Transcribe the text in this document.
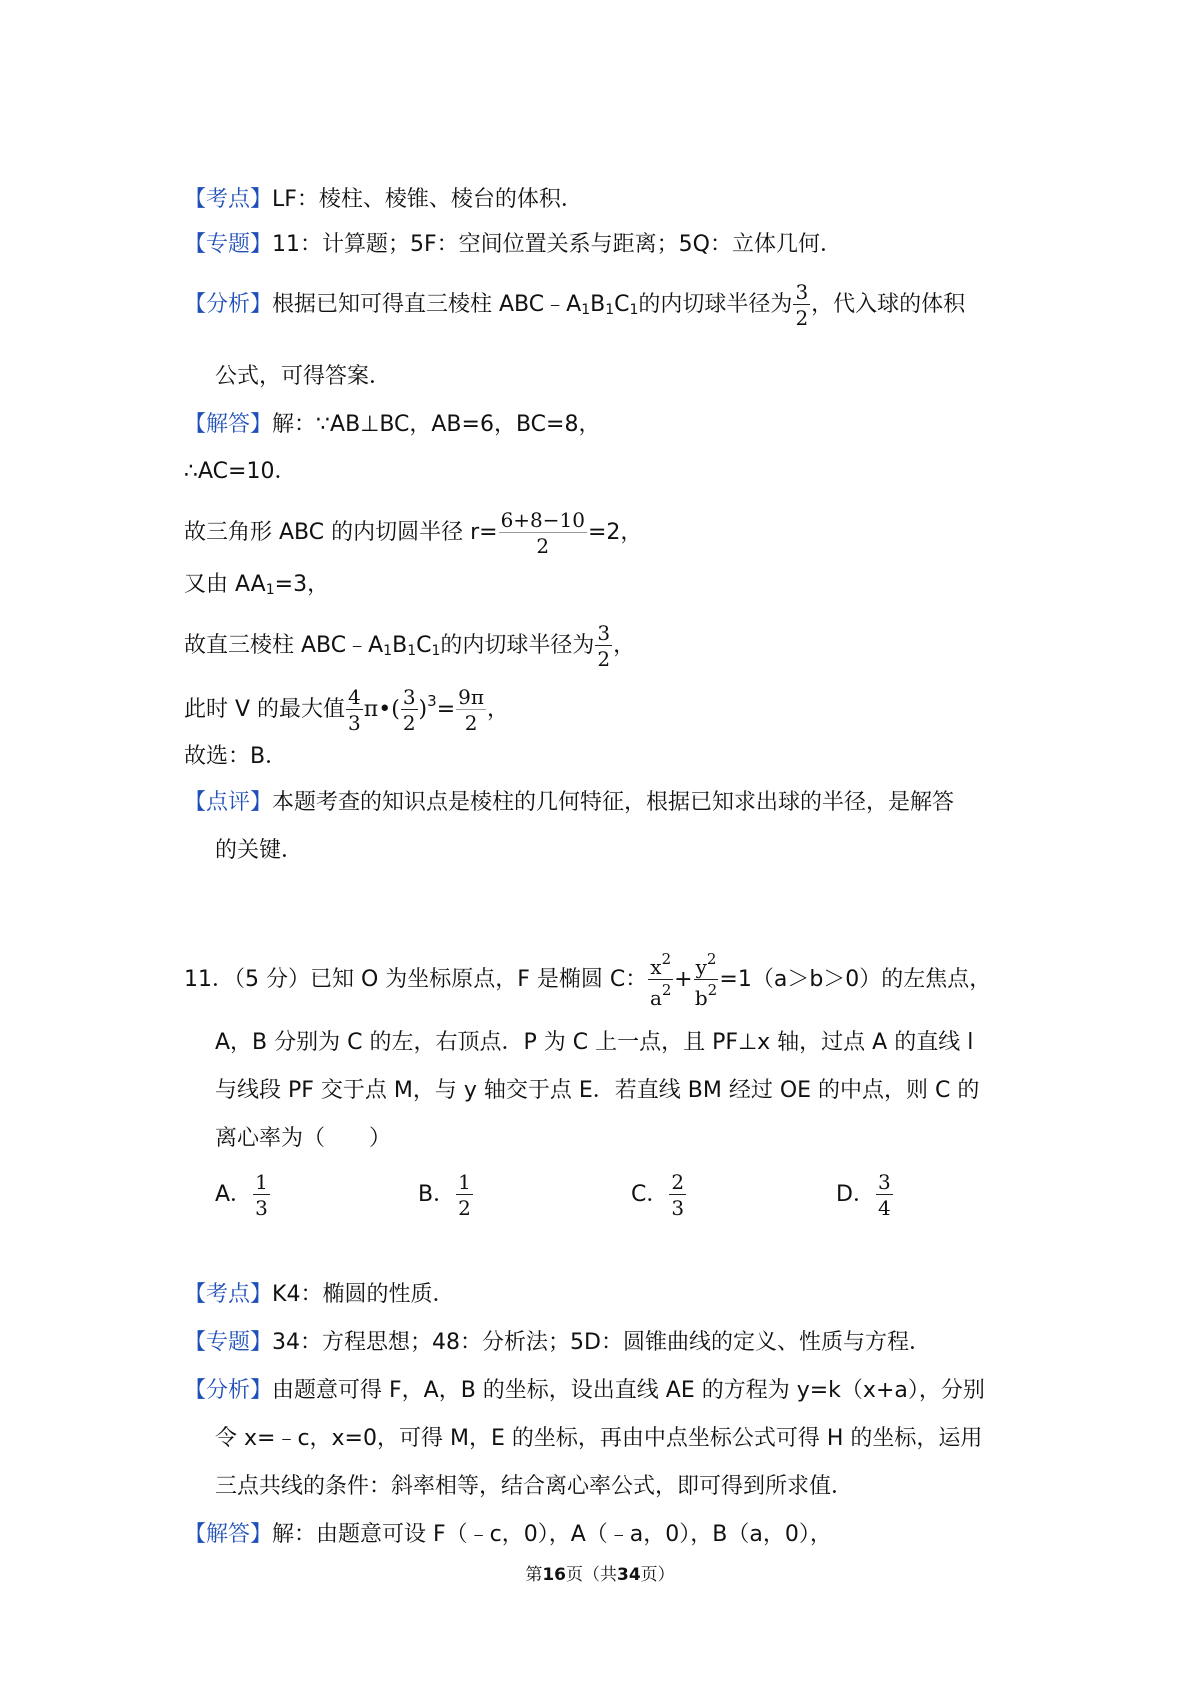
【考点】LF：棱柱、棱锥、棱台的体积．
【专题】11：计算题；5F：空间位置关系与距离；5Q：立体几何．
【分析】根据已知可得直三棱柱 $ABC﹣A_1B_1C_1$的内切球半径为 $\frac{3}{2}$ ，代入球的体积
公式，可得答案．
【解答】解：∵AB⊥BC，AB=6，BC=8，
∴AC=10．
故三角形 ABC 的内切圆半径 $r= \frac{6+8-10}{2} =2$，
又由 $AA_1=3$，
故直三棱柱 $ABC﹣A_1B_1C_1$的内切球半径为 $\frac{3}{2}$ ，
此时 V 的最大值 $\frac{4}{3}$ π•( $\frac{3}{2} )^3= \frac{9\pi}{2}$ ，
故选：B．
【点评】本题考查的知识点是棱柱的几何特征，根据已知求出球的半径，是解答
的关键．
11．（5 分）已知 O 为坐标原点，F 是椭圆 C： $\frac{x^2}{a^2} + \frac{y^2}{b^2} =1(a>b>0)$的左焦点，
A，B 分别为 C 的左，右顶点．P 为 C 上一点，且 PF⊥x 轴，过点 A 的直线 l
与线段 PF 交于点 M，与 y 轴交于点 E．若直线 BM 经过 OE 的中点，则 C 的
离心率为（　　）
A． $\frac{1}{3}$	B． $\frac{1}{2}$	C． $\frac{2}{3}$	D． $\frac{3}{4}$
【考点】K4：椭圆的性质．
【专题】34：方程思想；48：分析法；5D：圆锥曲线的定义、性质与方程．
【分析】由题意可得 F，A，B 的坐标，设出直线 AE 的方程为 y=k（x+a），分别
令 x=﹣c，x=0，可得 M，E 的坐标，再由中点坐标公式可得 H 的坐标，运用
三点共线的条件：斜率相等，结合离心率公式，即可得到所求值．
【解答】解：由题意可设 F（﹣c，0），A（﹣a，0），B（a，0），
第16页（共34页）
